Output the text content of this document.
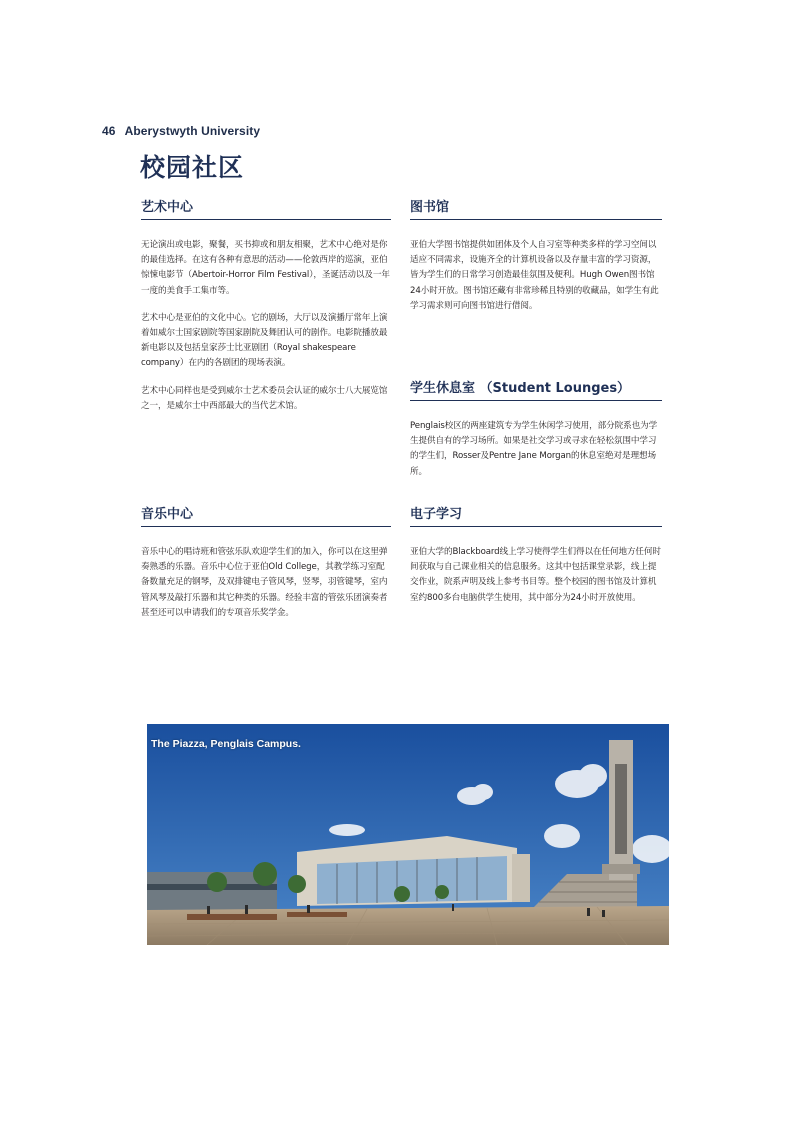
46 Aberystwyth University
校园社区
艺术中心

无论演出或电影，聚餐，买书抑或和朋友相聚，艺术中心绝对是你的最佳选择。在这有各种有意思的活动——伦敦西岸的巡演，亚伯惊悚电影节（Abertoir-Horror Film Festival），圣诞活动以及一年一度的美食手工集市等。

艺术中心是亚伯的文化中心。它的剧场，大厅以及演播厅常年上演着如威尔士国家剧院等国家剧院及舞团认可的剧作。电影院播放最新电影以及包括皇家莎士比亚剧团（Royal shakespeare company）在内的各剧团的现场表演。

艺术中心同样也是受到威尔士艺术委员会认证的威尔士八大展览馆之一，是威尔士中西部最大的当代艺术馆。

图书馆

亚伯大学图书馆提供如团体及个人自习室等种类多样的学习空间以适应不同需求，设施齐全的计算机设备以及存量丰富的学习资源，皆为学生们的日常学习创造最佳氛围及便利。Hugh Owen图书馆24小时开放。图书馆还藏有非常珍稀且特别的收藏品，如学生有此学习需求则可向图书馆进行借阅。

学生休息室 （Student Lounges）

Penglais校区的两座建筑专为学生休闲学习使用，部分院系也为学生提供自有的学习场所。如果是社交学习或寻求在轻松氛围中学习的学生们，Rosser及Pentre Jane Morgan的休息室绝对是理想场所。

音乐中心

音乐中心的唱诗班和管弦乐队欢迎学生们的加入，你可以在这里弹奏熟悉的乐器。音乐中心位于亚伯Old College，其教学练习室配备数量充足的钢琴，及双排键电子管风琴，竖琴，羽管键琴，室内管风琴及敲打乐器和其它种类的乐器。经验丰富的管弦乐团演奏者甚至还可以申请我们的专项音乐奖学金。

电子学习

亚伯大学的Blackboard线上学习使得学生们得以在任何地方任何时间获取与自己课业相关的信息服务。这其中包括课堂录影，线上提交作业，院系声明及线上参考书目等。整个校园的图书馆及计算机室约800多台电脑供学生使用，其中部分为24小时开放使用。

The Piazza, Penglais Campus.
